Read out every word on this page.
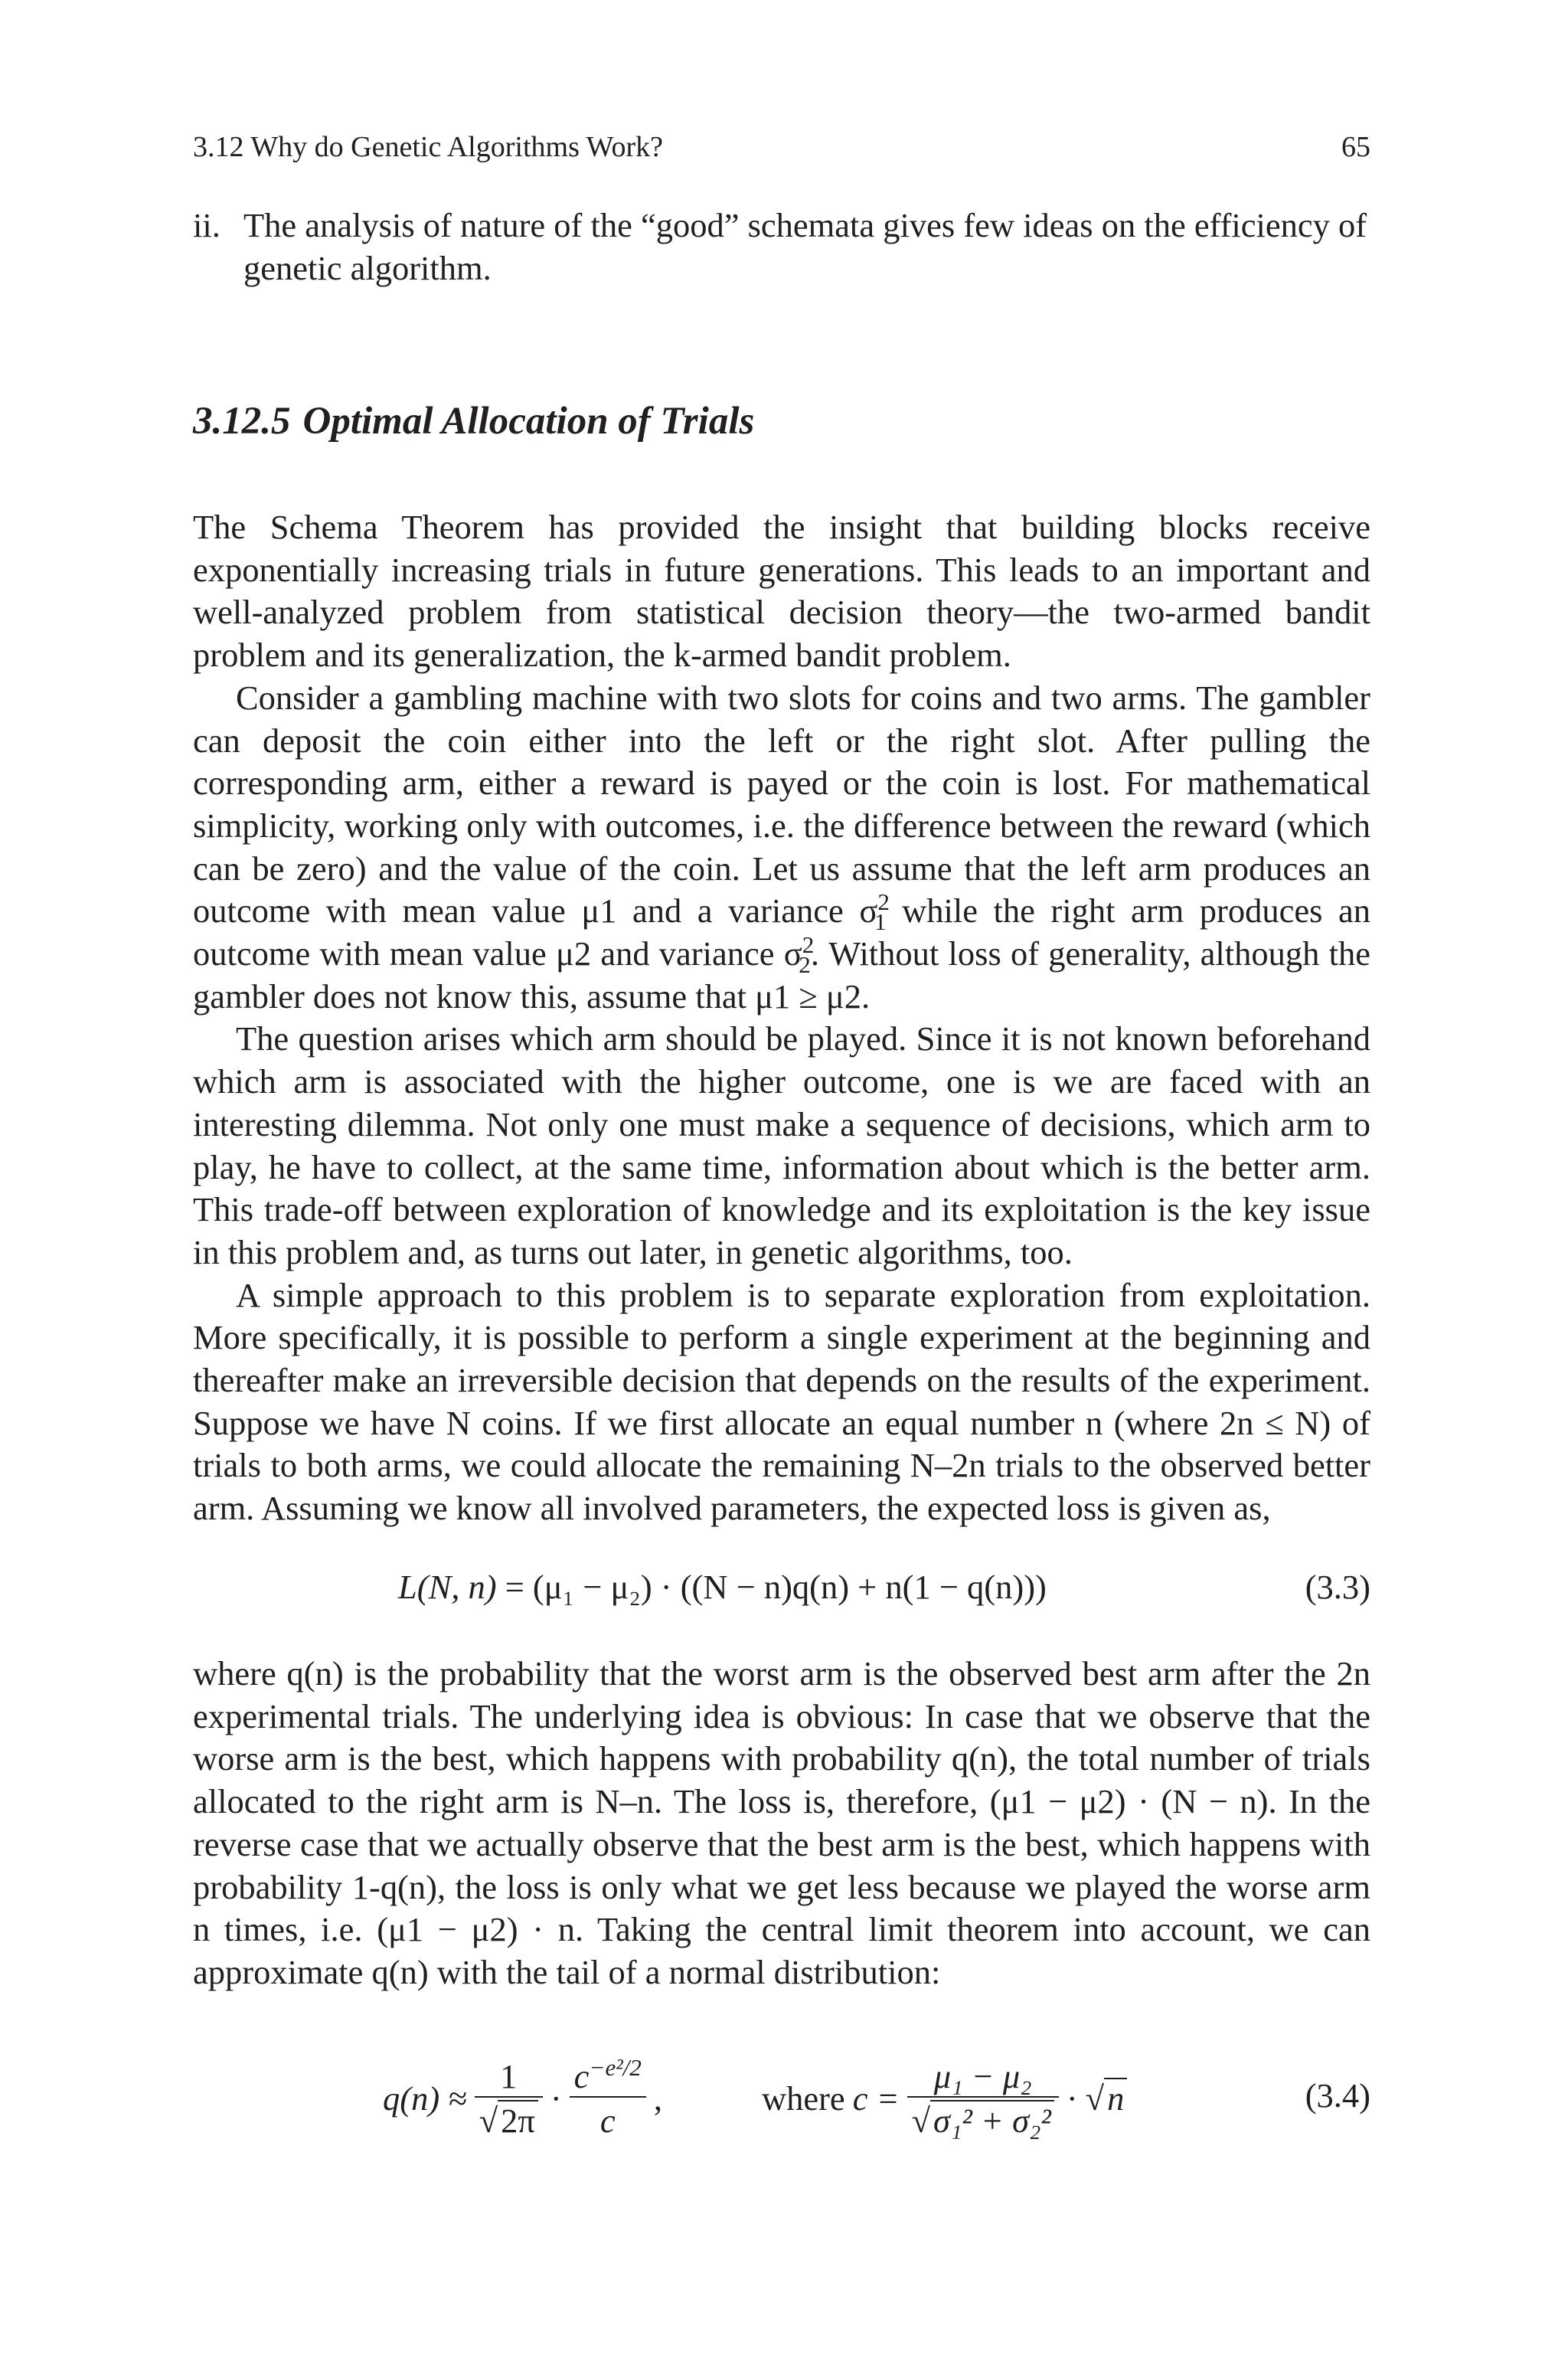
3.12 Why do Genetic Algorithms Work?	65
ii. The analysis of nature of the “good” schemata gives few ideas on the efficiency of genetic algorithm.
3.12.5 Optimal Allocation of Trials

The Schema Theorem has provided the insight that building blocks receive exponentially increasing trials in future generations. This leads to an important and well-analyzed problem from statistical decision theory—the two-armed bandit problem and its generalization, the k-armed bandit problem.

Consider a gambling machine with two slots for coins and two arms. The gambler can deposit the coin either into the left or the right slot. After pulling the corresponding arm, either a reward is payed or the coin is lost. For mathematical simplicity, working only with outcomes, i.e. the difference between the reward (which can be zero) and the value of the coin. Let us assume that the left arm produces an outcome with mean value μ1 and a variance $\sigma^2_1$ while the right arm produces an outcome with mean value μ2 and variance $\sigma^2_2$. Without loss of generality, although the gambler does not know this, assume that μ1 ≥ μ2.

The question arises which arm should be played. Since it is not known beforehand which arm is associated with the higher outcome, one is we are faced with an interesting dilemma. Not only one must make a sequence of decisions, which arm to play, he have to collect, at the same time, information about which is the better arm. This trade-off between exploration of knowledge and its exploitation is the key issue in this problem and, as turns out later, in genetic algorithms, too.

A simple approach to this problem is to separate exploration from exploitation. More specifically, it is possible to perform a single experiment at the beginning and thereafter make an irreversible decision that depends on the results of the experiment. Suppose we have N coins. If we first allocate an equal number n (where 2n ≤ N) of trials to both arms, we could allocate the remaining N–2n trials to the observed better arm. Assuming we know all involved parameters, the expected loss is given as,

L(N, n) = (μ₁ − μ₂) · ((N − n)q(n) + n(1 − q(n)))	(3.3)

where q(n) is the probability that the worst arm is the observed best arm after the 2n experimental trials. The underlying idea is obvious: In case that we observe that the worse arm is the best, which happens with probability q(n), the total number of trials allocated to the right arm is N–n. The loss is, therefore, (μ1 − μ2) · (N − n). In the reverse case that we actually observe that the best arm is the best, which happens with probability 1-q(n), the loss is only what we get less because we played the worse arm n times, i.e. (μ1 − μ2) · n. Taking the central limit theorem into account, we can approximate q(n) with the tail of a normal distribution:

$q(n) \approx \frac{1}{√2\pi} \cdot \frac{c^{-e^2/2}}{c}$ ,	where $c = \frac{\text{μ₁ − μ₂}}{\text{√σ₁² + σ₂²}} \cdot √n$	(3.4)
